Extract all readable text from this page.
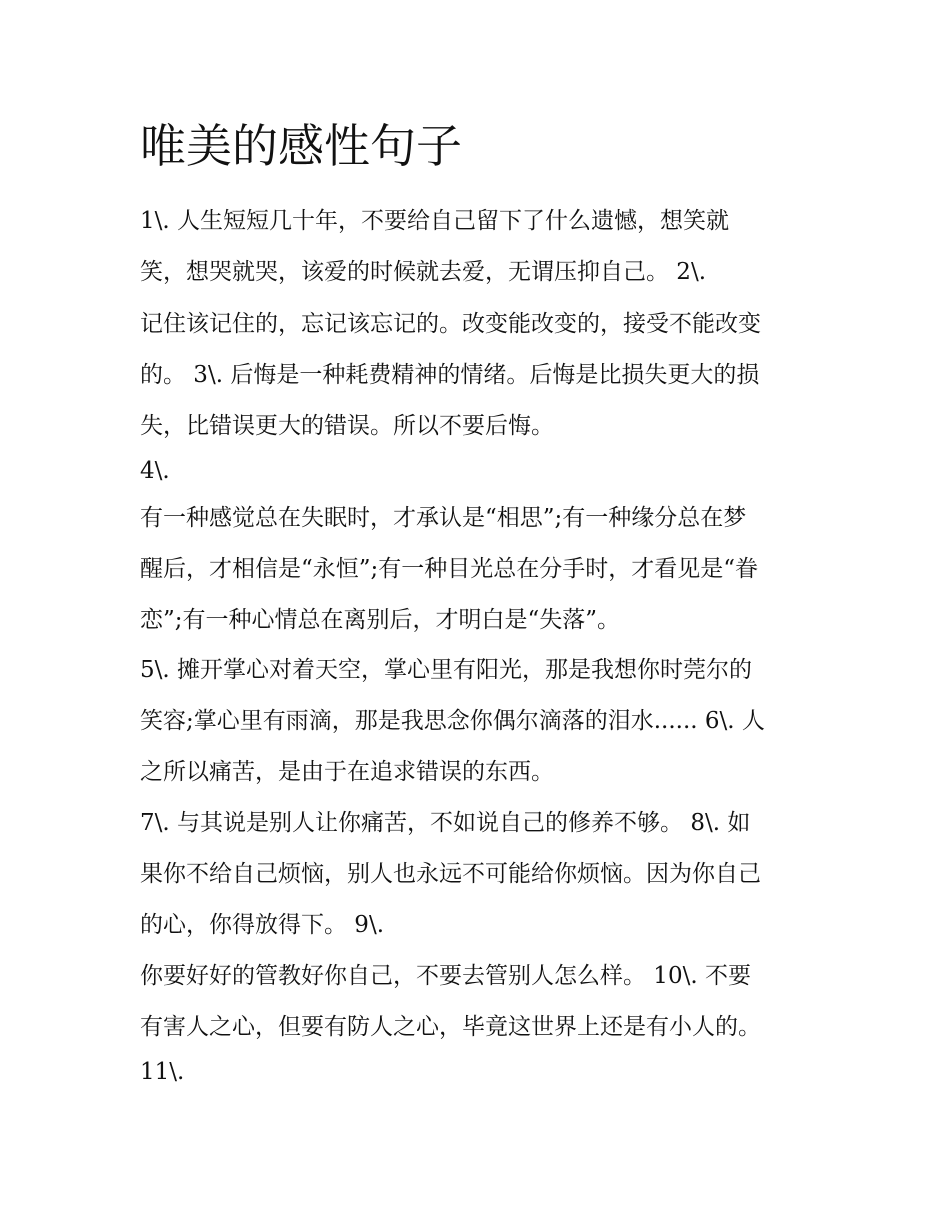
唯美的感性句子

1\. 人生短短几十年，不要给自己留下了什么遗憾，想笑就

笑，想哭就哭，该爱的时候就去爱，无谓压抑自己。 2\.

记住该记住的，忘记该忘记的。改变能改变的，接受不能改变

的。 3\. 后悔是一种耗费精神的情绪。后悔是比损失更大的损

失，比错误更大的错误。所以不要后悔。

4\.

有一种感觉总在失眠时，才承认是“相思”;有一种缘分总在梦

醒后，才相信是“永恒”;有一种目光总在分手时，才看见是“眷

恋”;有一种心情总在离别后，才明白是“失落”。

5\. 摊开掌心对着天空，掌心里有阳光，那是我想你时莞尔的

笑容;掌心里有雨滴，那是我思念你偶尔滴落的泪水...... 6\. 人

之所以痛苦，是由于在追求错误的东西。

7\. 与其说是别人让你痛苦，不如说自己的修养不够。 8\. 如

果你不给自己烦恼，别人也永远不可能给你烦恼。因为你自己

的心，你得放得下。 9\.

你要好好的管教好你自己，不要去管别人怎么样。 10\. 不要

有害人之心，但要有防人之心，毕竟这世界上还是有小人的。

11\.
